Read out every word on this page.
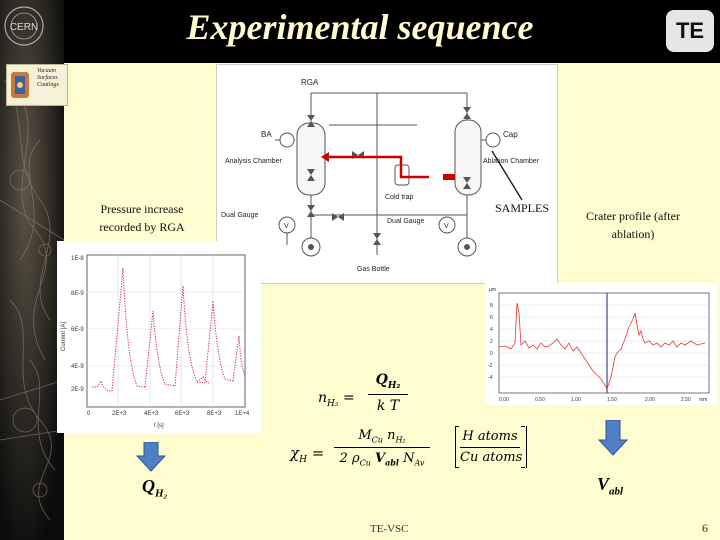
CERN	Experimental sequence	TE
Vacuum
Surfaces
Coatings	RGA
BA	Cap
Analysis Chamber	Ablation Chamber
Cold trap
Dual Gauge
Dual Gauge
Gas Bottle
V	V
Pressure increase recorded by RGA
SAMPLES
Crater profile (after ablation)
1E-8
8E-9
6E-9
4E-9
2E-9
0	2E+3	4E+3	6E+3	8E+3 1E+4
t [s]
Current [A]
µm
8
6
4
2
0
-2
-4
0.00	0.50	1.00	1.50	2.00	2.50 mm
$Q_{H_2}$	$V_{abl}$
$n_{H_2}$ =
$Q_{H_2}$
k T
$\chi_H$ =
$M_{Cu}$ $n_{H_2}$
2 $\rho_{Cu}$ $V_{abl}$ $N_{Av}$
H atoms
Cu atoms
TE-VSC	6
